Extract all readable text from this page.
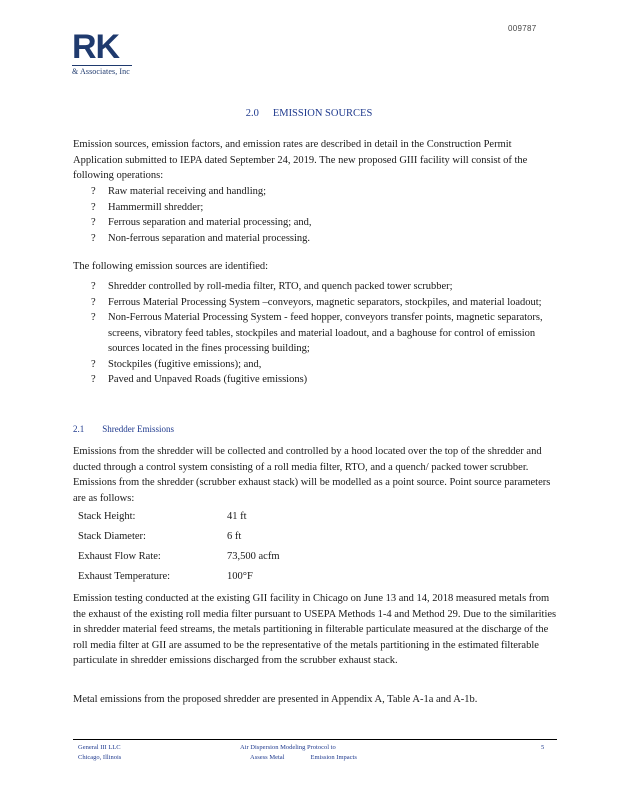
009787
RK
& Associates, Inc
2.0 EMISSION SOURCES

Emission sources, emission factors, and emission rates are described in detail in the Construction Permit Application submitted to IEPA dated September 24, 2019. The new proposed GIII facility will consist of the following operations:

? Raw material receiving and handling;
? Hammermill shredder;
? Ferrous separation and material processing; and,
? Non-ferrous separation and material processing.

The following emission sources are identified:

? Shredder controlled by roll-media filter, RTO, and quench packed tower scrubber;
? Ferrous Material Processing System –conveyors, magnetic separators, stockpiles, and material loadout;
? Non-Ferrous Material Processing System - feed hopper, conveyors transfer points, magnetic separators, screens, vibratory feed tables, stockpiles and material loadout, and a baghouse for control of emission sources located in the fines processing building;
? Stockpiles (fugitive emissions); and,
? Paved and Unpaved Roads (fugitive emissions)
2.1 Shredder Emissions

Emissions from the shredder will be collected and controlled by a hood located over the top of the shredder and ducted through a control system consisting of a roll media filter, RTO, and a quench/ packed tower scrubber. Emissions from the shredder (scrubber exhaust stack) will be modelled as a point source. Point source parameters are as follows:

Stack Height:	41 ft
Stack Diameter:	6 ft
Exhaust Flow Rate:	73,500 acfm
Exhaust Temperature:	100°F

Emission testing conducted at the existing GII facility in Chicago on June 13 and 14, 2018 measured metals from the exhaust of the existing roll media filter pursuant to USEPA Methods 1-4 and Method 29. Due to the similarities in shredder material feed streams, the metals partitioning in filterable particulate measured at the discharge of the roll media filter at GII are assumed to be the representative of the metals partitioning in the estimated filterable particulate in shredder emissions discharged from the scrubber exhaust stack.

Metal emissions from the proposed shredder are presented in Appendix A, Table A-1a and A-1b.

General III LLC
Chicago, Illinois
Air Dispersion Modeling Protocol to
Assess Metal	Emission Impacts
5
